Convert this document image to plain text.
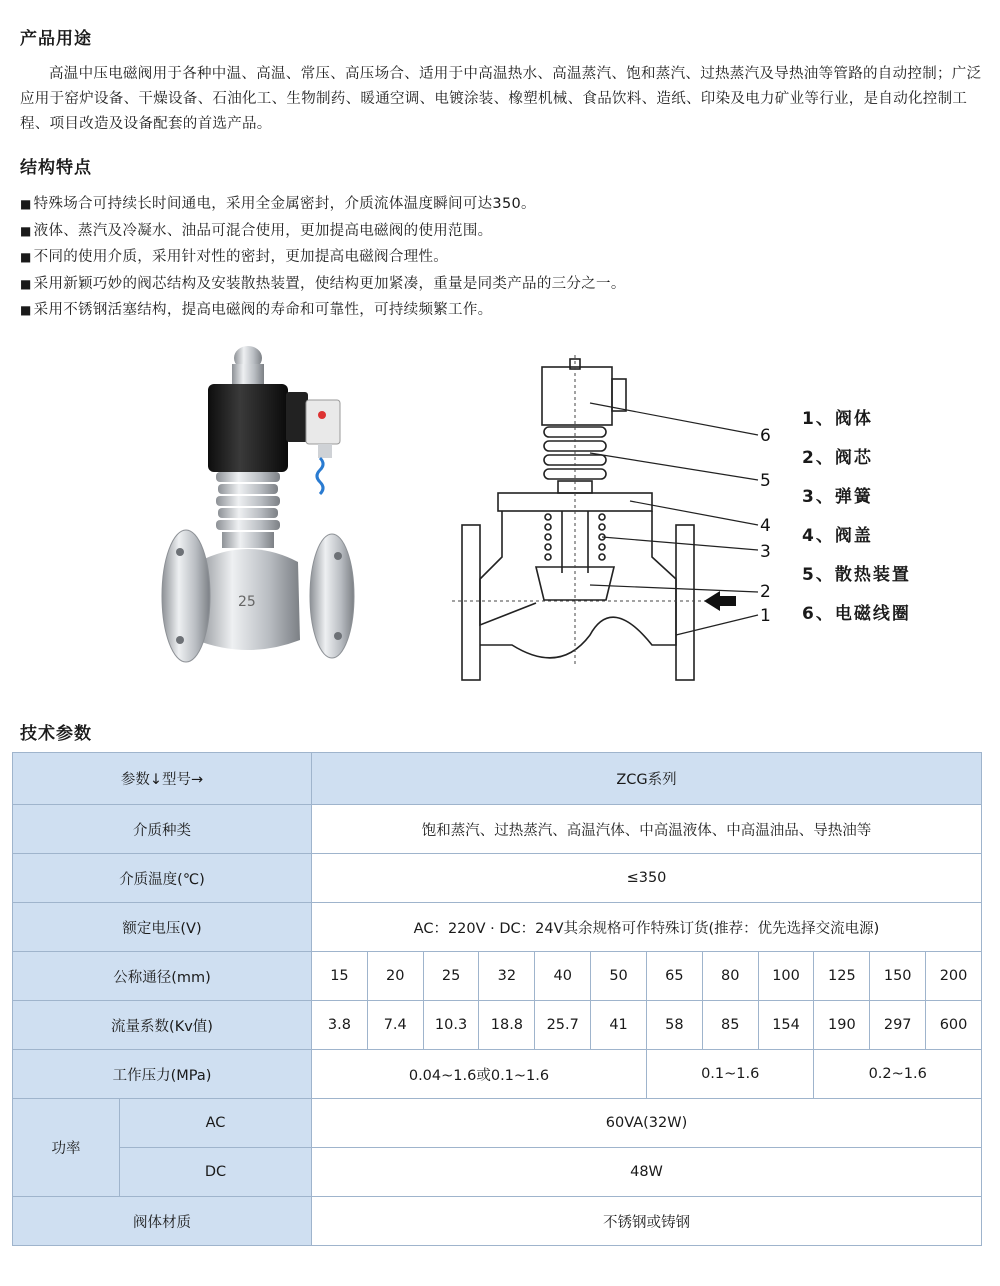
产品用途
高温中压电磁阀用于各种中温、高温、常压、高压场合、适用于中高温热水、高温蒸汽、饱和蒸汽、过热蒸汽及导热油等管路的自动控制；广泛应用于窑炉设备、干燥设备、石油化工、生物制药、暖通空调、电镀涂装、橡塑机械、食品饮料、造纸、印染及电力矿业等行业，是自动化控制工程、项目改造及设备配套的首选产品。
结构特点
■ 特殊场合可持续长时间通电，采用全金属密封，介质流体温度瞬间可达350。
■ 液体、蒸汽及冷凝水、油品可混合使用，更加提高电磁阀的使用范围。
■ 不同的使用介质，采用针对性的密封，更加提高电磁阀合理性。
■ 采用新颖巧妙的阀芯结构及安装散热装置，使结构更加紧凑，重量是同类产品的三分之一。
■ 采用不锈钢活塞结构，提高电磁阀的寿命和可靠性，可持续频繁工作。
25
6
5
4
3
2
1
1、阀体
2、阀芯
3、弹簧
4、阀盖
5、散热装置
6、电磁线圈
技术参数
参数↓型号→		ZCG系列											
介质种类		饱和蒸汽、过热蒸汽、高温汽体、中高温液体、中高温油品、导热油等											
介质温度(℃)		≤350											
额定电压(V)		AC：220V · DC：24V其余规格可作特殊订货(推荐：优先选择交流电源)											
公称通径(mm)		15	20	25	32	40	50	65	80	100	125	150	200
流量系数(Kv值)		3.8	7.4	10.3	18.8	25.7	41	58	85	154	190	297	600
工作压力(MPa)		0.04~1.6或0.1~1.6						0.1~1.6			0.2~1.6		
功率	AC	60VA(32W)											
	DC	48W											
阀体材质		不锈钢或铸钢											
